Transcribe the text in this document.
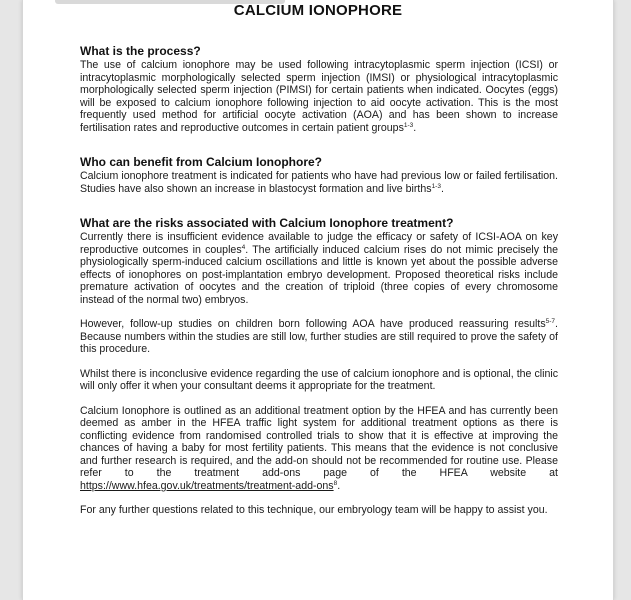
CALCIUM IONOPHORE
What is the process?

The use of calcium ionophore may be used following intracytoplasmic sperm injection (ICSI) or intracytoplasmic morphologically selected sperm injection (IMSI) or physiological intracytoplasmic morphologically selected sperm injection (PIMSI) for certain patients when indicated. Oocytes (eggs) will be exposed to calcium ionophore following injection to aid oocyte activation. This is the most frequently used method for artificial oocyte activation (AOA) and has been shown to increase fertilisation rates and reproductive outcomes in certain patient groups$^{1-3}$.

Who can benefit from Calcium Ionophore?

Calcium ionophore treatment is indicated for patients who have had previous low or failed fertilisation. Studies have also shown an increase in blastocyst formation and live births$^{1-3}$.

What are the risks associated with Calcium Ionophore treatment?

Currently there is insufficient evidence available to judge the efficacy or safety of ICSI-AOA on key reproductive outcomes in couples$^4$. The artificially induced calcium rises do not mimic precisely the physiologically sperm-induced calcium oscillations and little is known yet about the possible adverse effects of ionophores on post-implantation embryo development. Proposed theoretical risks include premature activation of oocytes and the creation of triploid (three copies of every chromosome instead of the normal two) embryos.

However, follow-up studies on children born following AOA have produced reassuring results$^{5-7}$. Because numbers within the studies are still low, further studies are still required to prove the safety of this procedure.

Whilst there is inconclusive evidence regarding the use of calcium ionophore and is optional, the clinic will only offer it when your consultant deems it appropriate for the treatment.

Calcium Ionophore is outlined as an additional treatment option by the HFEA and has currently been deemed as amber in the HFEA traffic light system for additional treatment options as there is conflicting evidence from randomised controlled trials to show that it is effective at improving the chances of having a baby for most fertility patients. This means that the evidence is not conclusive and further research is required, and the add-on should not be recommended for routine use. Please refer to the treatment add-ons page of the HFEA website at https://www.hfea.gov.uk/treatments/treatment-add-ons$^8$.

For any further questions related to this technique, our embryology team will be happy to assist you.
